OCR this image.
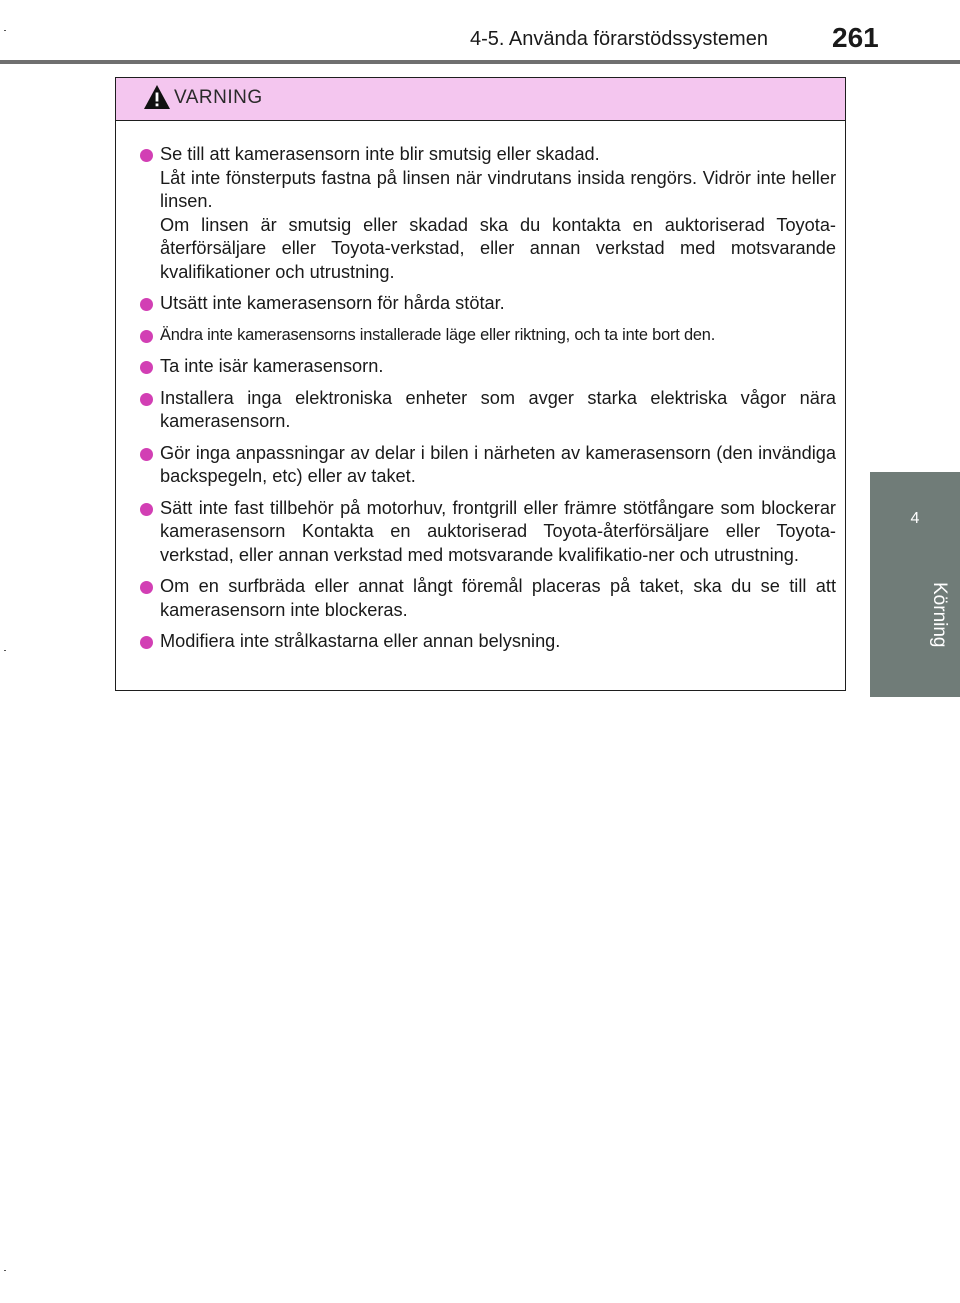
4-5. Använda förarstödssystemen 261
4
Körning
VARNING

Se till att kamerasensorn inte blir smutsig eller skadad.

Låt inte fönsterputs fastna på linsen när vindrutans insida rengörs. Vidrör inte heller linsen.

Om linsen är smutsig eller skadad ska du kontakta en auktoriserad Toyota-återförsäljare eller Toyota-verkstad, eller annan verkstad med motsvarande kvalifikationer och utrustning.

Utsätt inte kamerasensorn för hårda stötar.

Ändra inte kamerasensorns installerade läge eller riktning, och ta inte bort den.

Ta inte isär kamerasensorn.

Installera inga elektroniska enheter som avger starka elektriska vågor nära kamerasensorn.

Gör inga anpassningar av delar i bilen i närheten av kamerasensorn (den invändiga backspegeln, etc) eller av taket.

Sätt inte fast tillbehör på motorhuv, frontgrill eller främre stötfångare som blockerar kamerasensorn Kontakta en auktoriserad Toyota-återförsäljare eller Toyota-verkstad, eller annan verkstad med motsvarande kvalifikatio-ner och utrustning.

Om en surfbräda eller annat långt föremål placeras på taket, ska du se till att kamerasensorn inte blockeras.

Modifiera inte strålkastarna eller annan belysning.
